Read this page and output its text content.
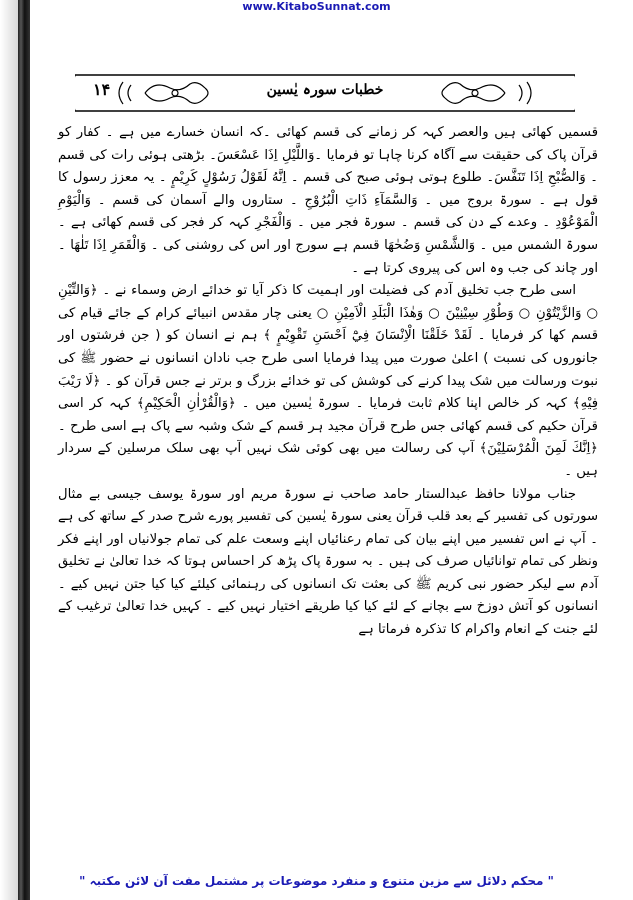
www.KitaboSunnat.com
۱۴	خطبات سورہ یٰسین

قسمیں کھائی ہیں والعصر کہہ کر زمانے کی قسم کھائی ۔کہ انسان خسارے میں ہے ۔ کفار کو قرآن پاک کی حقیقت سے آگاہ کرنا چاہا تو فرمایا ۔وَاللَّیْلِ اِذَا عَسْعَسَ۔ بڑھتی ہوئی رات کی قسم ۔ وَالصُّبْحِ اِذَا تَنَفَّسَ۔ طلوع ہوتی ہوئی صبح کی قسم ۔ اِنَّهُ لَقَوْلُ رَسُوْلٍ كَرِيْمٍ ۔ یہ معزز رسول کا قول ہے ۔ سورۃ بروج میں ۔ وَالسَّمَآءِ ذَاتِ الْبُرُوْجِ ۔ ستاروں والے آسمان کی قسم ۔ وَالْيَوْمِ الْمَوْعُوْدِ ۔ وعدے کے دن کی قسم ۔ سورۃ فجر میں ۔ وَالْفَجْرِ کہہ کر فجر کی قسم کھائی ہے ۔ سورۃ الشمس میں ۔ وَالشَّمْسِ وَضُحٰهَا قسم ہے سورج اور اس کی روشنی کی ۔ وَالْقَمَرِ اِذَا تَلٰهَا ۔ اور چاند کی جب وہ اس کی پیروی کرتا ہے ۔

اسی طرح جب تخلیق آدم کی فضیلت اور اہمیت کا ذکر آیا تو خدائے ارض وسماء نے ۔ ﴿وَالتِّيْنِ ○ وَالزَّيْتُوْنِ ○ وَطُوْرِ سِيْنِيْنَ ○ وَهٰذَا الْبَلَدِ الْاَمِيْنِ ○ یعنی چار مقدس انبیائے کرام کے جائے قیام کی قسم کھا کر فرمایا ۔ لَقَدْ خَلَقْنَا الْاِنْسَانَ فِيْٓ اَحْسَنِ تَقْوِيْمٍ ﴾ ہم نے انسان کو ( جن فرشتوں اور جانوروں کی نسبت ) اعلیٰ صورت میں پیدا فرمایا اسی طرح جب نادان انسانوں نے حضور ﷺ کی نبوت ورسالت میں شک پیدا کرنے کی کوشش کی تو خدائے بزرگ و برتر نے جس قرآن کو ۔ ﴿لَا رَيْبَ فِيْهِ﴾ کہہ کر خالص اپنا کلام ثابت فرمایا ۔ سورۃ یٰسین میں ۔ ﴿وَالْقُرْاٰنِ الْحَكِيْمِ﴾ کہہ کر اسی قرآن حکیم کی قسم کھائی جس طرح قرآن مجید ہر قسم کے شک وشبہ سے پاک ہے اسی طرح ۔ ﴿اِنَّكَ لَمِنَ الْمُرْسَلِيْنَ﴾ آپ کی رسالت میں بھی کوئی شک نہیں آپ بھی سلک مرسلین کے سردار ہیں ۔

جناب مولانا حافظ عبدالستار حامد صاحب نے سورۃ مریم اور سورۃ یوسف جیسی بے مثال سورتوں کی تفسیر کے بعد قلب قرآن یعنی سورۃ یٰسین کی تفسیر پورے شرح صدر کے ساتھ کی ہے ۔ آپ نے اس تفسیر میں اپنے بیان کی تمام رعنائیاں اپنے وسعت علم کی تمام جولانیاں اور اپنے فکر ونظر کی تمام توانائیاں صرف کی ہیں ۔ بہ سورۃ پاک پڑھ کر احساس ہوتا کہ خدا تعالیٰ نے تخلیق آدم سے لیکر حضور نبی کریم ﷺ کی بعثت تک انسانوں کی رہنمائی کیلئے کیا کیا جتن نہیں کیے ۔ انسانوں کو آتش دوزخ سے بچانے کے لئے کیا کیا طریقے اختیار نہیں کیے ۔ کہیں خدا تعالیٰ ترغیب کے لئے جنت کے انعام واکرام کا تذکرہ فرماتا ہے

" محکم دلائل سے مزین متنوع و منفرد موضوعات پر مشتمل مفت آن لائن مکتبہ "
